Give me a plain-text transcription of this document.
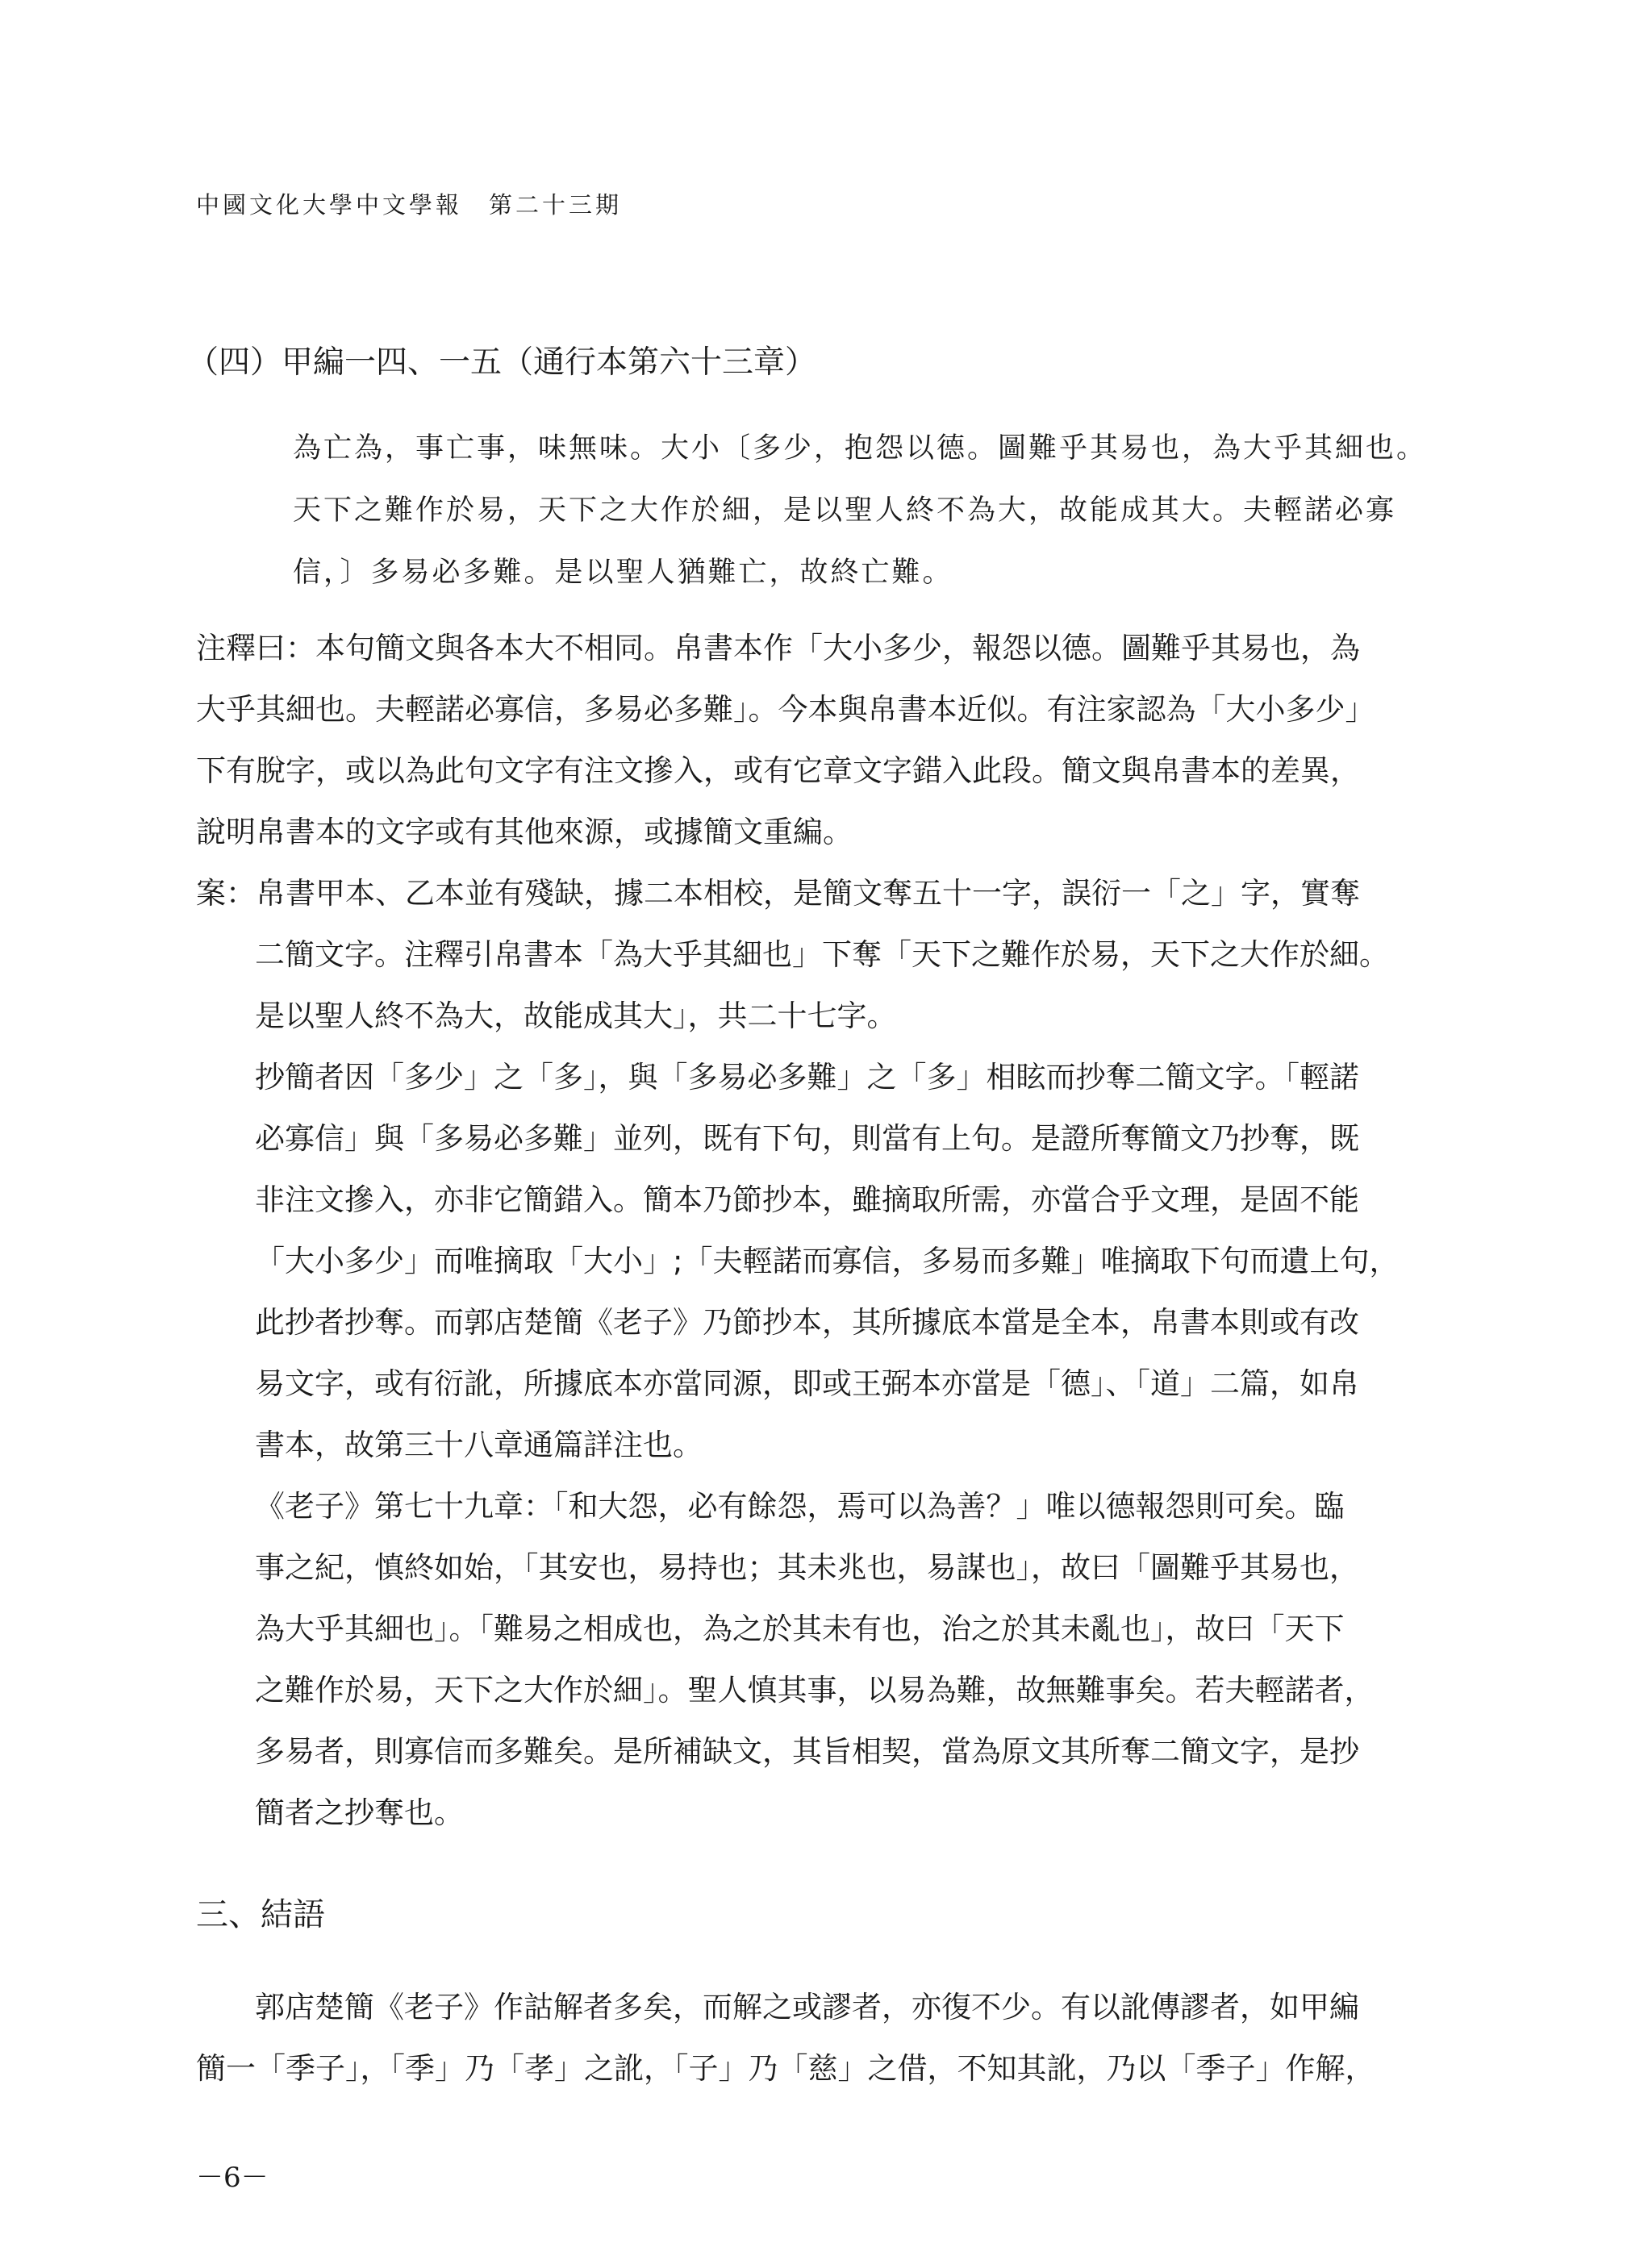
中國文化大學中文學報　第二十三期
（四）甲編一四、一五（通行本第六十三章）
為亡為，事亡事，味無味。大小〔多少，抱怨以德。圖難乎其易也，為大乎其細也。
天下之難作於易，天下之大作於細，是以聖人終不為大，故能成其大。夫輕諾必寡
信，〕多易必多難。是以聖人猶難亡，故終亡難。
注釋曰：本句簡文與各本大不相同。帛書本作「大小多少，報怨以德。圖難乎其易也，為
大乎其細也。夫輕諾必寡信，多易必多難」。今本與帛書本近似。有注家認為「大小多少」
下有脫字，或以為此句文字有注文摻入，或有它章文字錯入此段。簡文與帛書本的差異，
說明帛書本的文字或有其他來源，或據簡文重編。
案：帛書甲本、乙本並有殘缺，據二本相校，是簡文奪五十一字，誤衍一「之」字，實奪
二簡文字。注釋引帛書本「為大乎其細也」下奪「天下之難作於易，天下之大作於細。
是以聖人終不為大，故能成其大」，共二十七字。
抄簡者因「多少」之「多」，與「多易必多難」之「多」相眩而抄奪二簡文字。「輕諾
必寡信」與「多易必多難」並列，既有下句，則當有上句。是證所奪簡文乃抄奪，既
非注文摻入，亦非它簡錯入。簡本乃節抄本，雖摘取所需，亦當合乎文理，是固不能
「大小多少」而唯摘取「大小」;「夫輕諾而寡信，多易而多難」唯摘取下句而遺上句，
此抄者抄奪。而郭店楚簡《老子》乃節抄本，其所據底本當是全本，帛書本則或有改
易文字，或有衍訛，所據底本亦當同源，即或王弼本亦當是「德」、「道」二篇，如帛
書本，故第三十八章通篇詳注也。
《老子》第七十九章：「和大怨，必有餘怨，焉可以為善？」唯以德報怨則可矣。臨
事之紀，慎終如始，「其安也，易持也；其未兆也，易謀也」，故曰「圖難乎其易也，
為大乎其細也」。「難易之相成也，為之於其未有也，治之於其未亂也」，故曰「天下
之難作於易，天下之大作於細」。聖人慎其事，以易為難，故無難事矣。若夫輕諾者，
多易者，則寡信而多難矣。是所補缺文，其旨相契，當為原文其所奪二簡文字，是抄
簡者之抄奪也。
三、結語
郭店楚簡《老子》作詁解者多矣，而解之或謬者，亦復不少。有以訛傳謬者，如甲編
簡一「季子」，「季」乃「孝」之訛，「子」乃「慈」之借，不知其訛，乃以「季子」作解，
－6－
